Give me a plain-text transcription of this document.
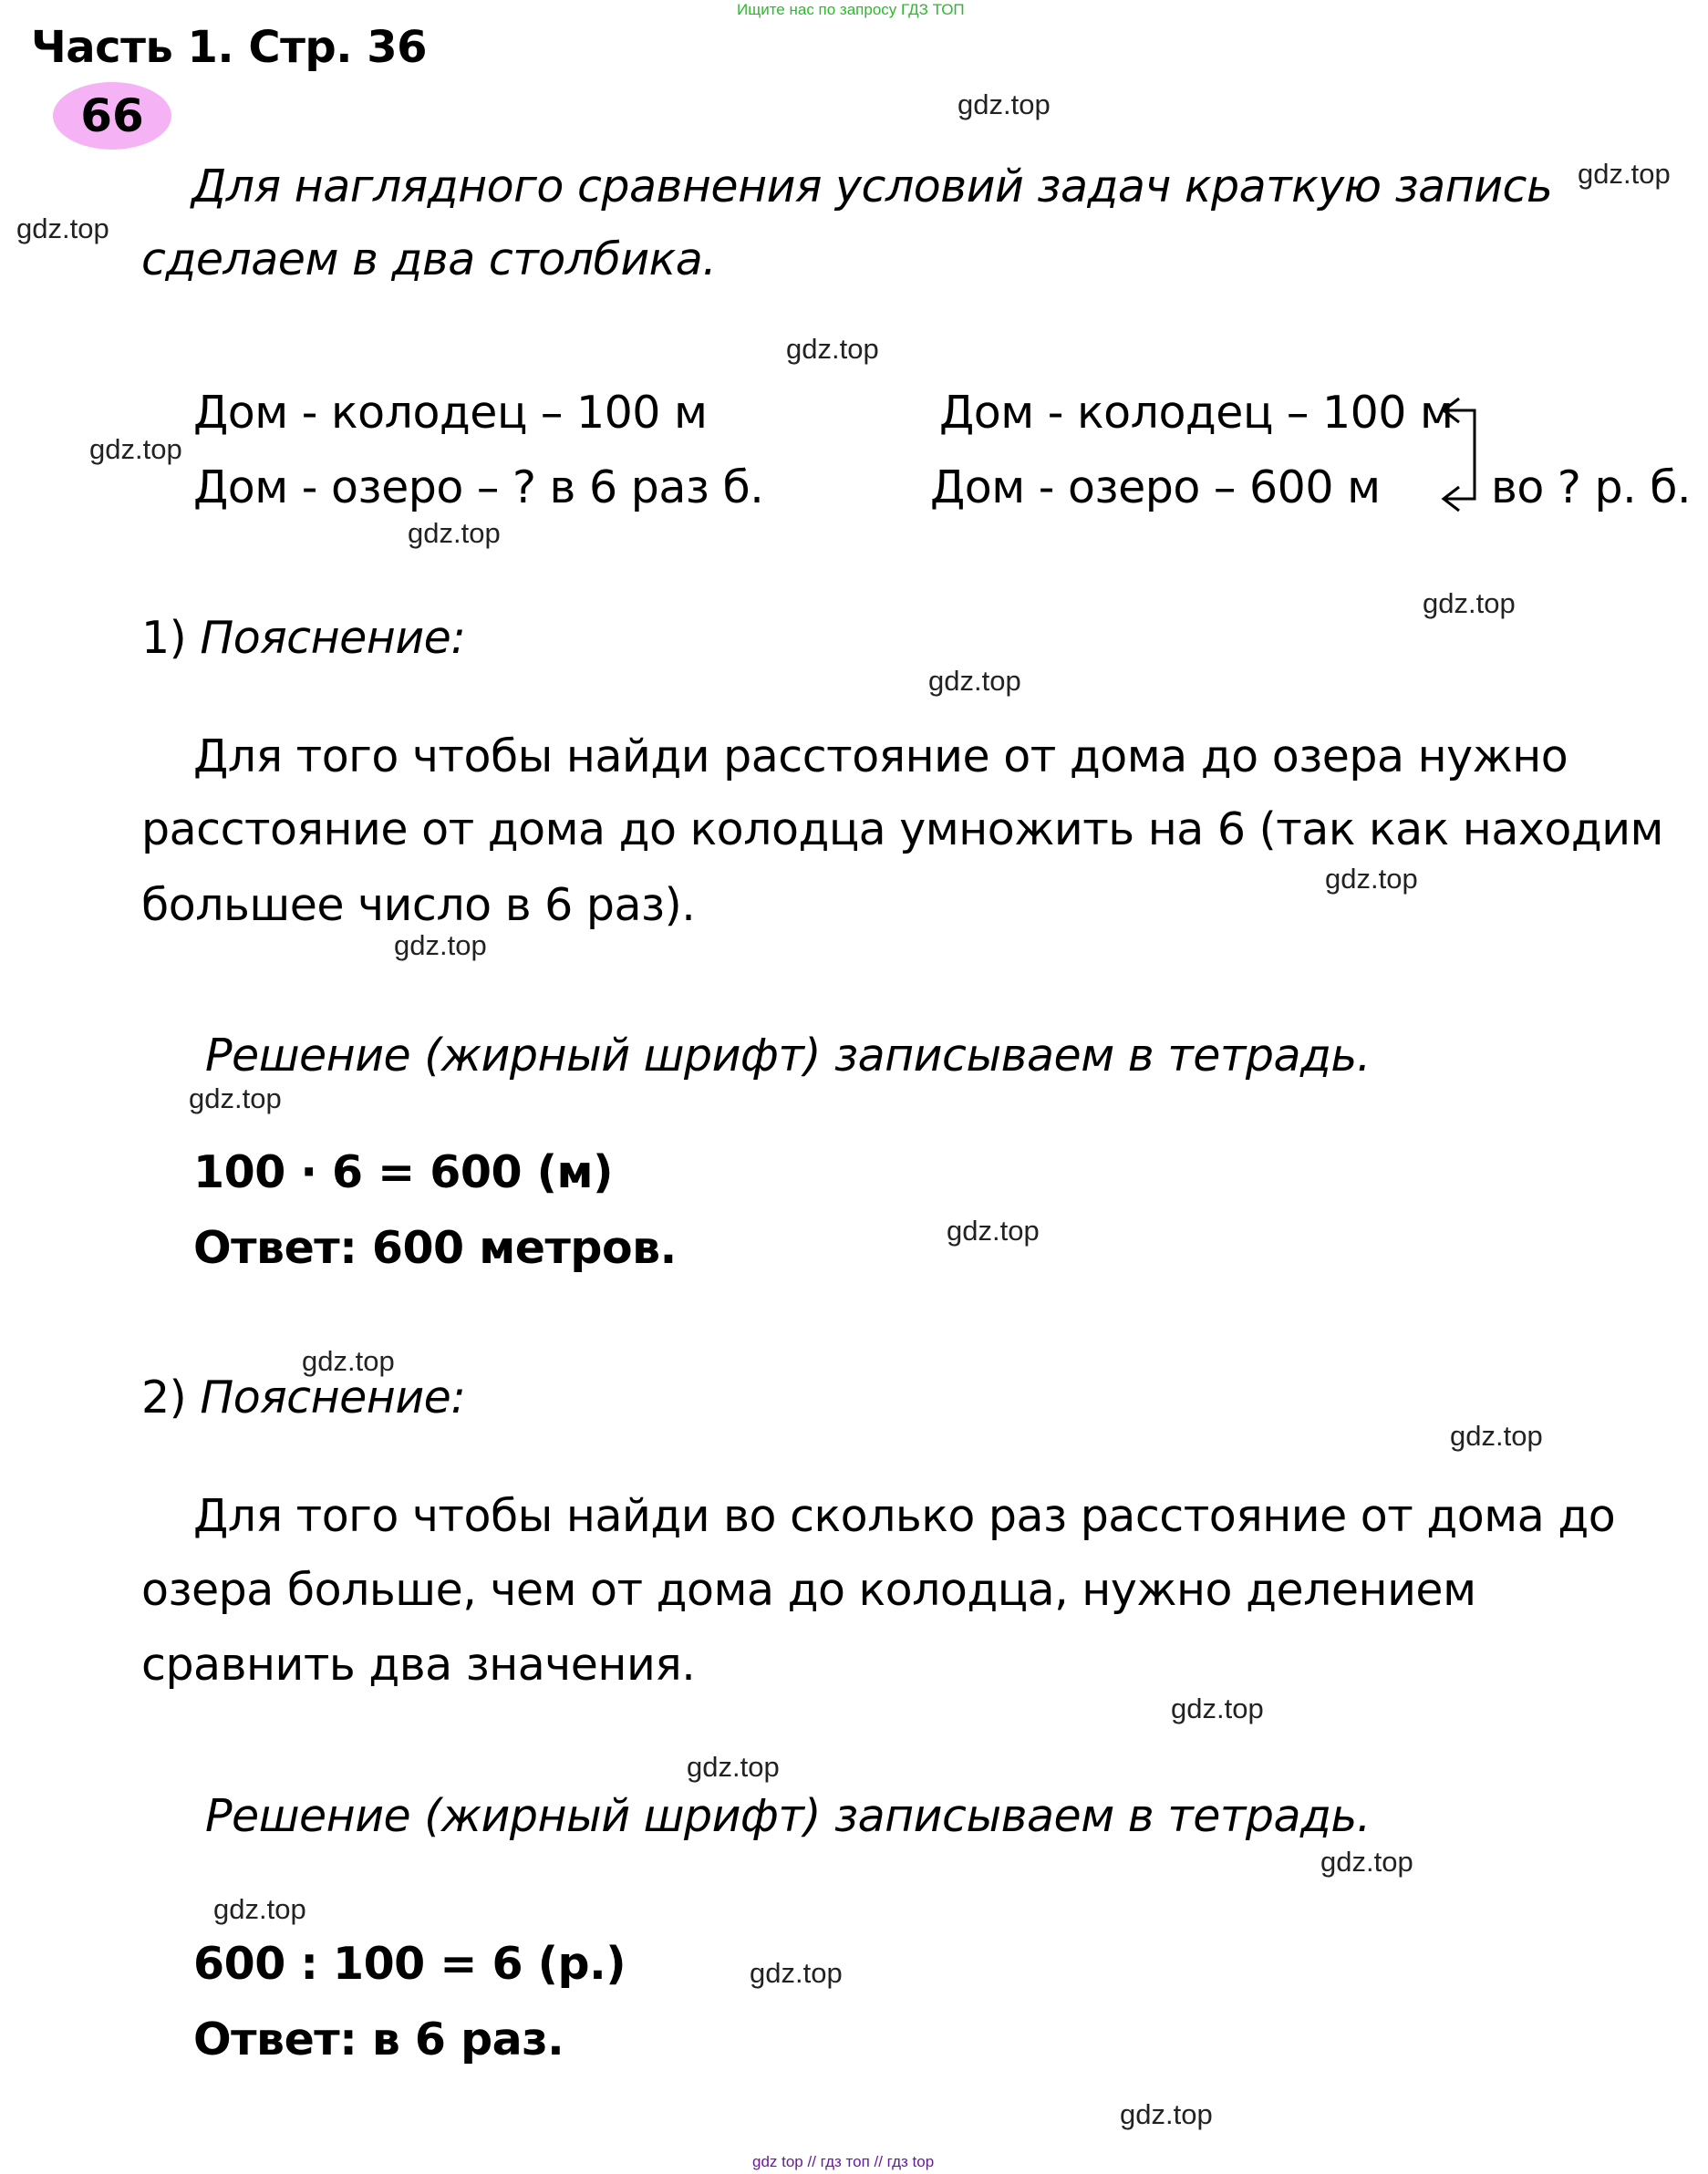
Ищите нас по запросу ГДЗ ТОП
gdz top // гдз топ // гдз top
Часть 1. Стр. 36
66
Для наглядного сравнения условий задач краткую запись
сделаем в два столбика.
Дом - колодец – 100 м
Дом - озеро – ? в 6 раз б.
Дом - колодец – 100 м
Дом - озеро – 600 м во ? р. б.
1) Пояснение:
Для того чтобы найди расстояние от дома до озера нужно
расстояние от дома до колодца умножить на 6 (так как находим
большее число в 6 раз).
Решение (жирный шрифт) записываем в тетрадь.
100 · 6 = 600 (м)
Ответ: 600 метров.
2) Пояснение:
Для того чтобы найди во сколько раз расстояние от дома до
озера больше, чем от дома до колодца, нужно делением
сравнить два значения.
Решение (жирный шрифт) записываем в тетрадь.
600 : 100 = 6 (р.)
Ответ: в 6 раз.
gdz.top
gdz.top
gdz.top
gdz.top
gdz.top
gdz.top
gdz.top
gdz.top
gdz.top
gdz.top
gdz.top
gdz.top
gdz.top
gdz.top
gdz.top
gdz.top
gdz.top
gdz.top
gdz.top
gdz.top
